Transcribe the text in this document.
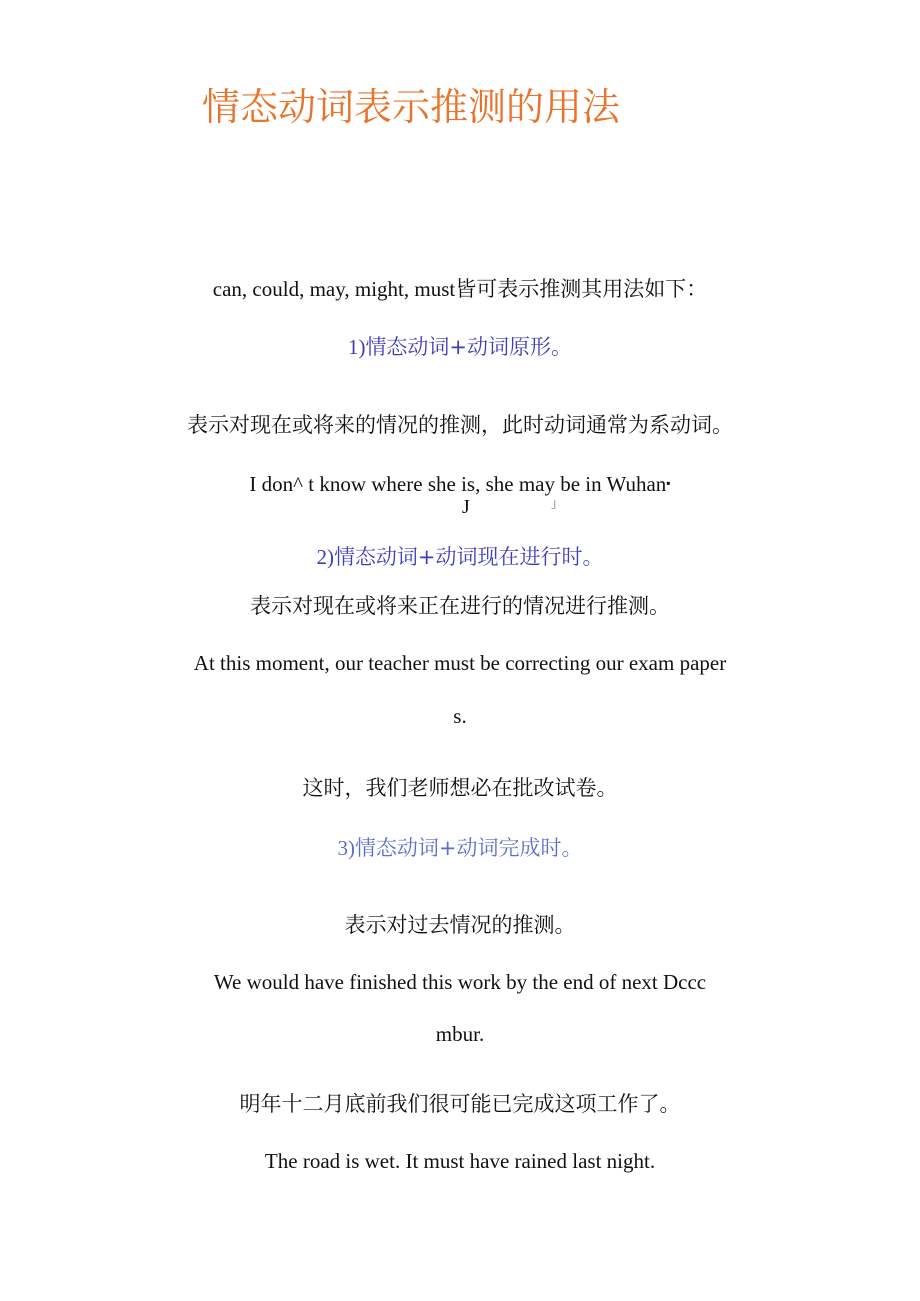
情态动词表示推测的用法
can, could, may, might, must皆可表示推测其用法如下：
1)情态动词+动词原形。
表示对现在或将来的情况的推测，此时动词通常为系动词。
I don^ t know where she is, she may be in Wuhan▪
J	」
2)情态动词+动词现在进行时。
表示对现在或将来正在进行的情况进行推测。
At this moment, our teacher must be correcting our exam paper
s.
这时，我们老师想必在批改试卷。
3)情态动词+动词完成时。
表示对过去情况的推测。
We would have finished this work by the end of next Dccc
mbur.
明年十二月底前我们很可能已完成这项工作了。
The road is wet. It must have rained last night.
